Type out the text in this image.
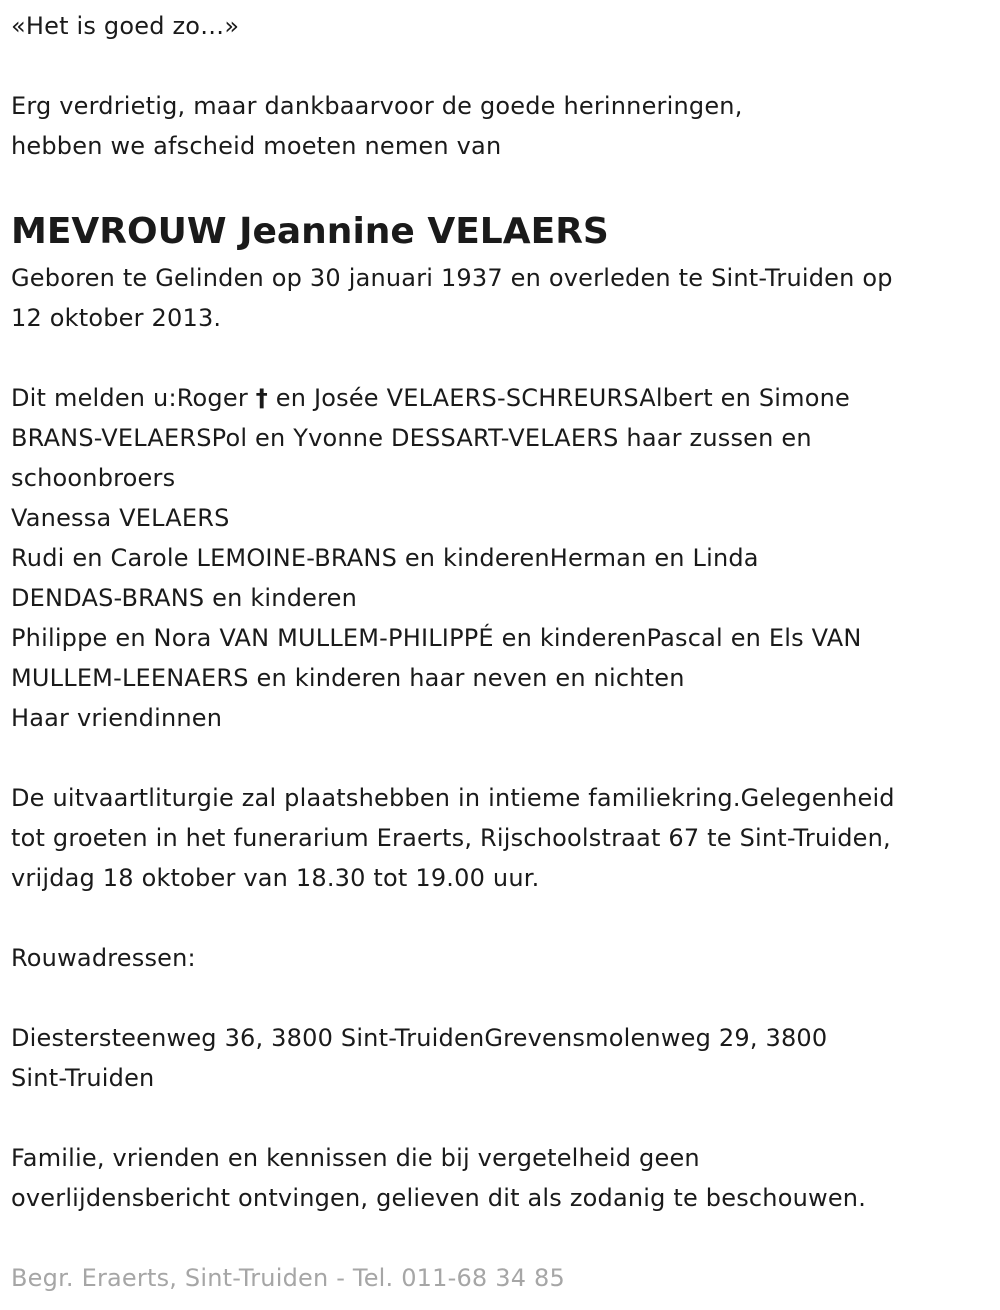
«Het is goed zo…»
Erg verdrietig, maar dankbaarvoor de goede herinneringen,
hebben we afscheid moeten nemen van
MEVROUW Jeannine VELAERS
Geboren te Gelinden op 30 januari 1937 en overleden te Sint-Truiden op
12 oktober 2013.
Dit melden u:Roger † en Josée VELAERS-SCHREURSAlbert en Simone
BRANS-VELAERSPol en Yvonne DESSART-VELAERS haar zussen en
schoonbroers
Vanessa VELAERS
Rudi en Carole LEMOINE-BRANS en kinderenHerman en Linda
DENDAS-BRANS en kinderen
Philippe en Nora VAN MULLEM-PHILIPPÉ en kinderenPascal en Els VAN
MULLEM-LEENAERS en kinderen haar neven en nichten
Haar vriendinnen
De uitvaartliturgie zal plaatshebben in intieme familiekring.Gelegenheid
tot groeten in het funerarium Eraerts, Rijschoolstraat 67 te Sint-Truiden,
vrijdag 18 oktober van 18.30 tot 19.00 uur.
Rouwadressen:
Diestersteenweg 36, 3800 Sint-TruidenGrevensmolenweg 29, 3800
Sint-Truiden
Familie, vrienden en kennissen die bij vergetelheid geen
overlijdensbericht ontvingen, gelieven dit als zodanig te beschouwen.
Begr. Eraerts, Sint-Truiden - Tel. 011-68 34 85
